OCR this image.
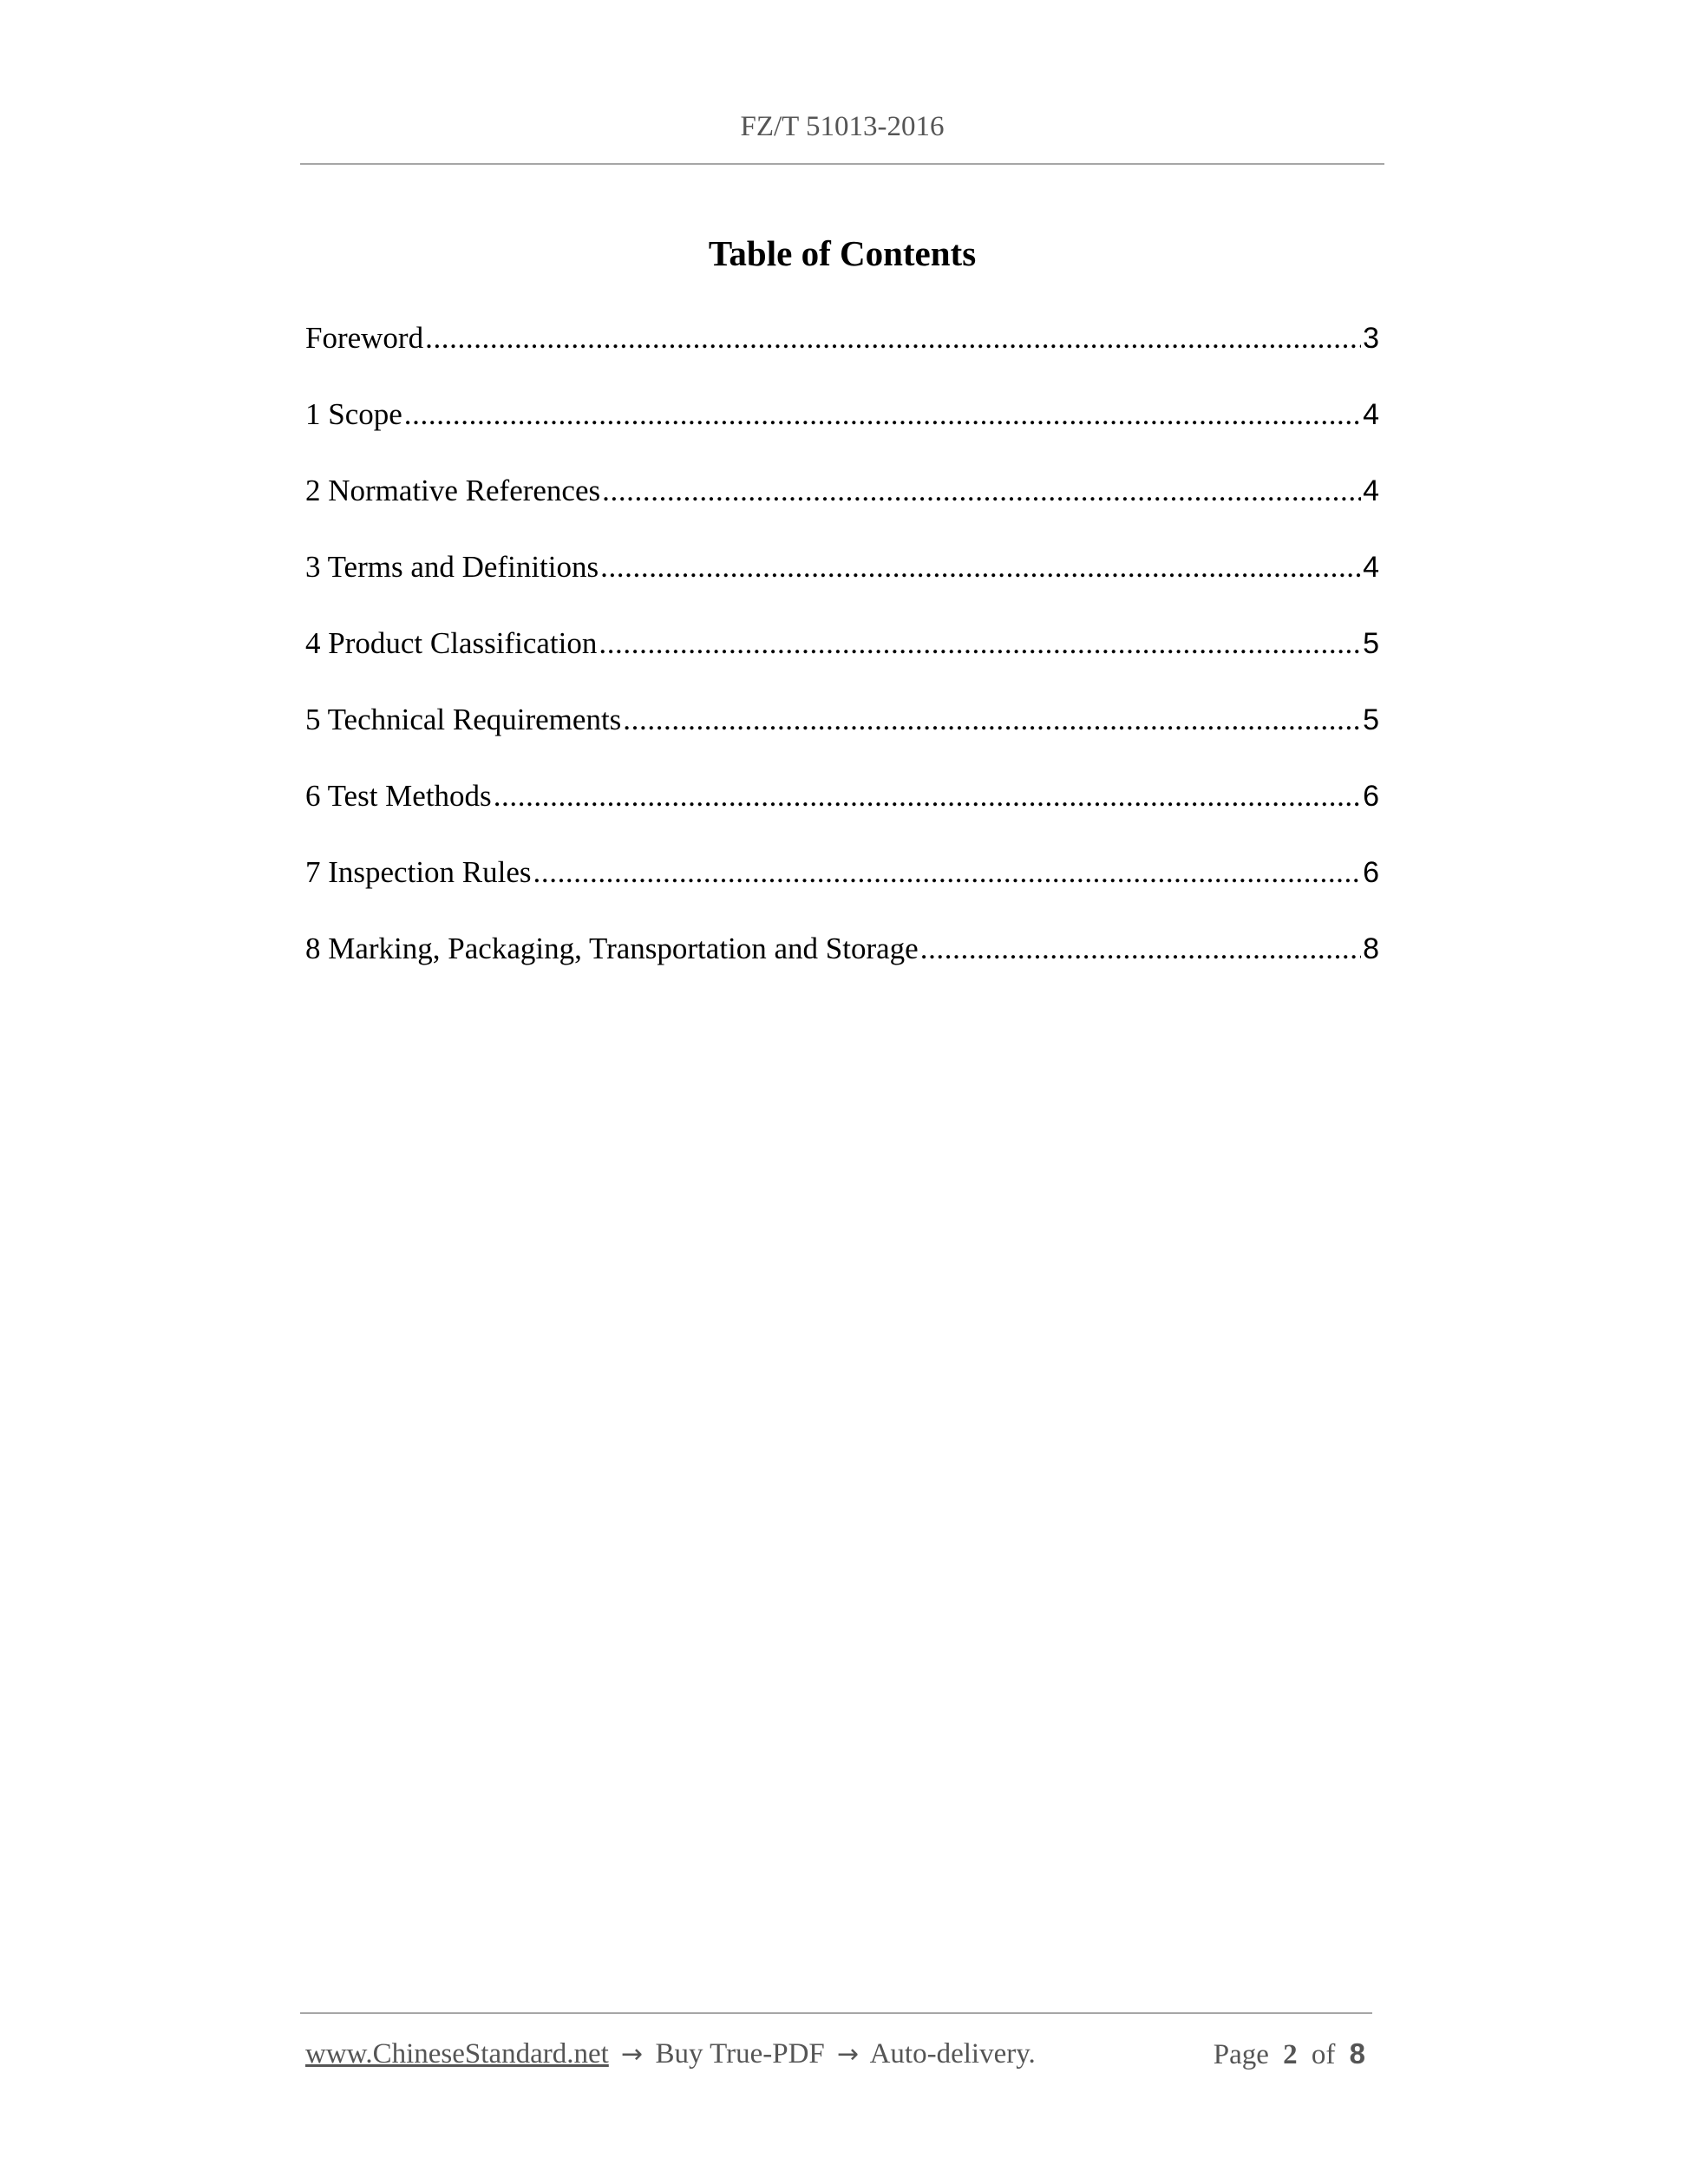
FZ/T 51013-2016
Table of Contents
Foreword .....	3
1 Scope .....	4
2 Normative References .....	4
3 Terms and Definitions .....	4
4 Product Classification .....	5
5 Technical Requirements .....	5
6 Test Methods .....	6
7 Inspection Rules .....	6
8 Marking, Packaging, Transportation and Storage .....	8
www.ChineseStandard.net → Buy True-PDF → Auto-delivery.	Page 2 of 8
